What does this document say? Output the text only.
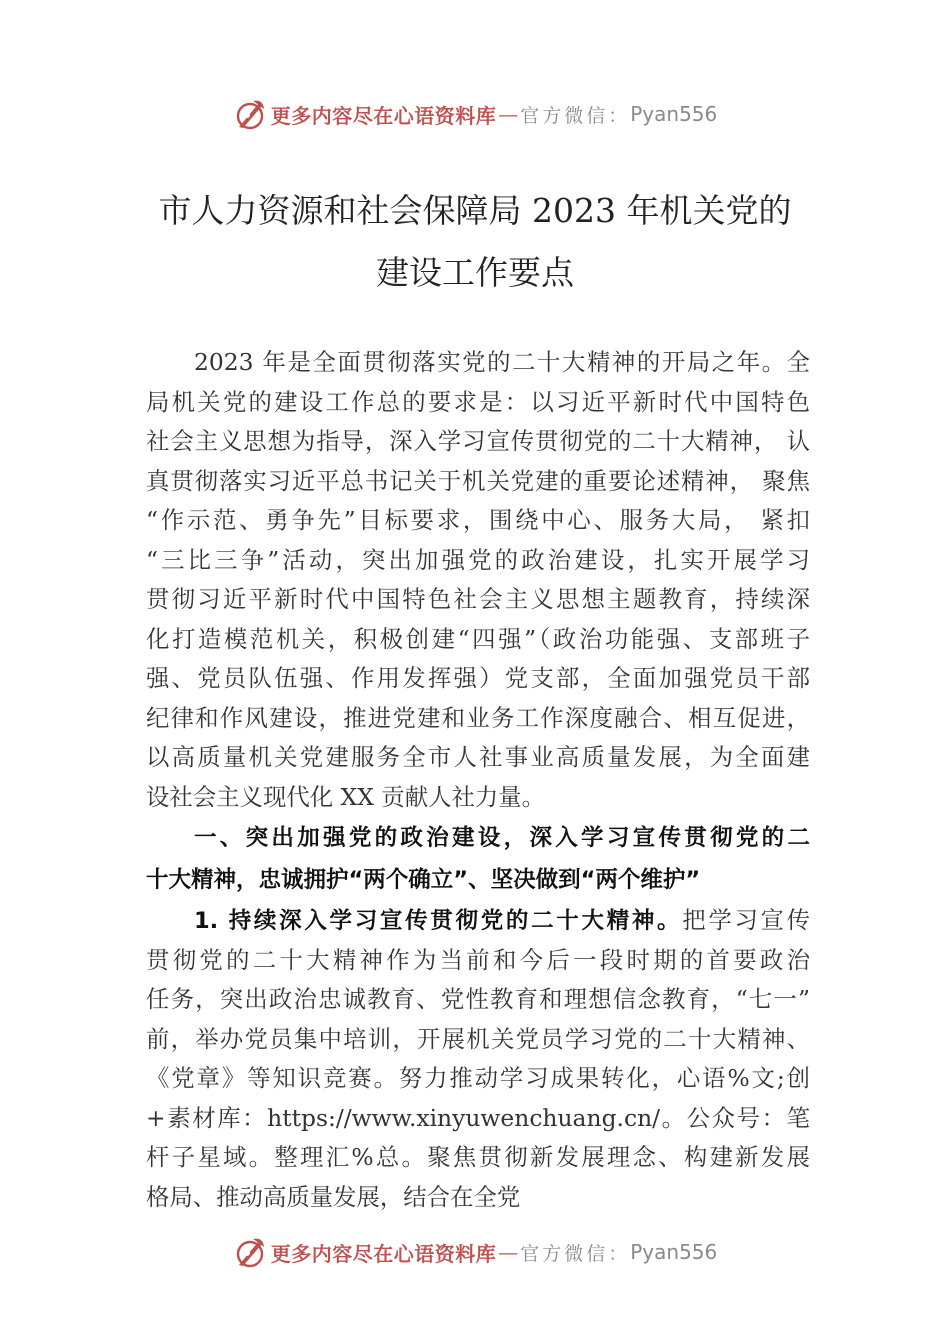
更多内容尽在心语资料库 — 官方微信： Pyan556
市人力资源和社会保障局 2023 年机关党的
建设工作要点
2023 年是全面贯彻落实党的二十大精神的开局之年。全
局机关党的建设工作总的要求是：以习近平新时代中国特色
社会主义思想为指导，深入学习宣传贯彻党的二十大精神， 认
真贯彻落实习近平总书记关于机关党建的重要论述精神， 聚焦
“作示范、勇争先”目标要求，围绕中心、服务大局， 紧扣
“三比三争”活动，突出加强党的政治建设，扎实开展学习
贯彻习近平新时代中国特色社会主义思想主题教育，持续深
化打造模范机关，积极创建“四强”（政治功能强、支部班子
强、党员队伍强、作用发挥强）党支部，全面加强党员干部
纪律和作风建设，推进党建和业务工作深度融合、相互促进，
以高质量机关党建服务全市人社事业高质量发展，为全面建
设社会主义现代化 XX 贡献人社力量。
一、突出加强党的政治建设，深入学习宣传贯彻党的二
十大精神，忠诚拥护“两个确立”、坚决做到“两个维护”
1. 持续深入学习宣传贯彻党的二十大精神。把学习宣传
贯彻党的二十大精神作为当前和今后一段时期的首要政治
任务，突出政治忠诚教育、党性教育和理想信念教育，“七一”
前，举办党员集中培训，开展机关党员学习党的二十大精神、
《党章》等知识竞赛。努力推动学习成果转化，心语%文;创
+素材库：https://www.xinyuwenchuang.cn/。公众号：笔
杆子星域。整理汇%总。聚焦贯彻新发展理念、构建新发展
格局、推动高质量发展，结合在全党
更多内容尽在心语资料库 — 官方微信： Pyan556
